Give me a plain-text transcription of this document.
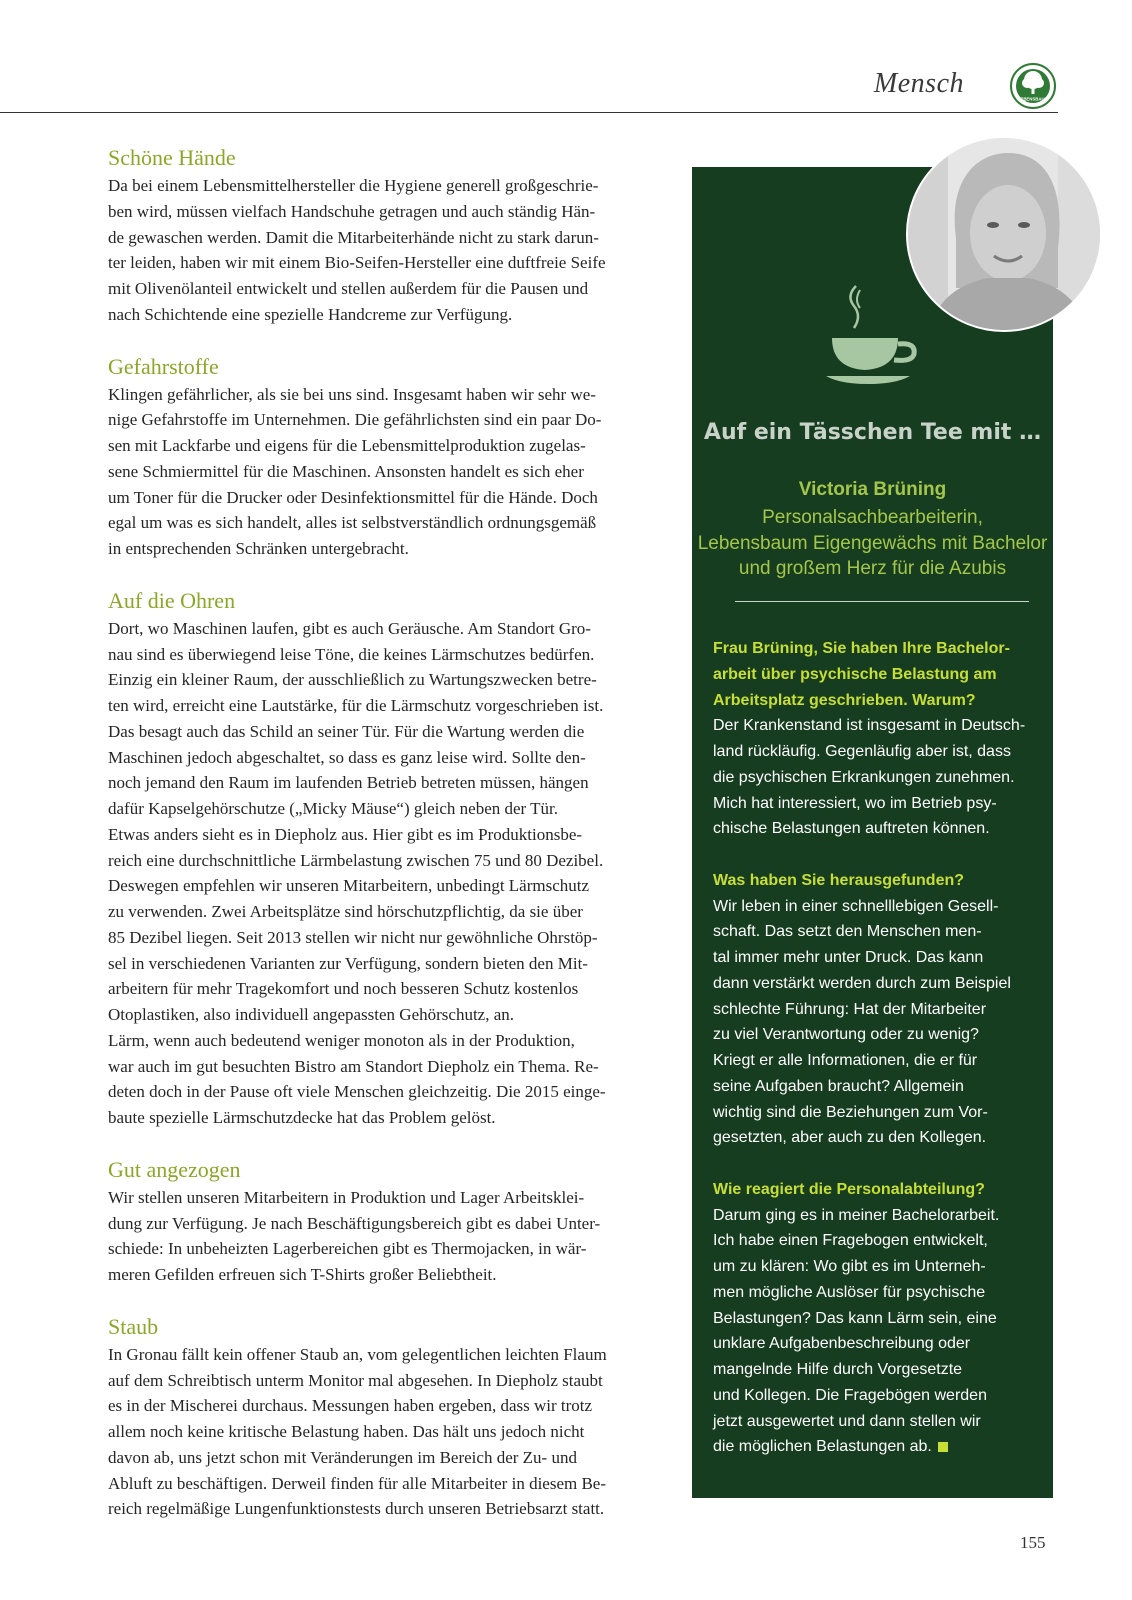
Mensch	LEBENSBAUM
Schöne Hände

Da bei einem Lebensmittelhersteller die Hygiene generell großgeschrie-
ben wird, müssen vielfach Handschuhe getragen und auch ständig Hän-
de gewaschen werden. Damit die Mitarbeiterhände nicht zu stark darun-
ter leiden, haben wir mit einem Bio-Seifen-Hersteller eine duftfreie Seife
mit Olivenölanteil entwickelt und stellen außerdem für die Pausen und
nach Schichtende eine spezielle Handcreme zur Verfügung.

Gefahrstoffe

Klingen gefährlicher, als sie bei uns sind. Insgesamt haben wir sehr we-
nige Gefahrstoffe im Unternehmen. Die gefährlichsten sind ein paar Do-
sen mit Lackfarbe und eigens für die Lebensmittelproduktion zugelas-
sene Schmiermittel für die Maschinen. Ansonsten handelt es sich eher
um Toner für die Drucker oder Desinfektionsmittel für die Hände. Doch
egal um was es sich handelt, alles ist selbstverständlich ordnungsgemäß
in entsprechenden Schränken untergebracht.

Auf die Ohren

Dort, wo Maschinen laufen, gibt es auch Geräusche. Am Standort Gro-
nau sind es überwiegend leise Töne, die keines Lärmschutzes bedürfen.
Einzig ein kleiner Raum, der ausschließlich zu Wartungszwecken betre-
ten wird, erreicht eine Lautstärke, für die Lärmschutz vorgeschrieben ist.
Das besagt auch das Schild an seiner Tür. Für die Wartung werden die
Maschinen jedoch abgeschaltet, so dass es ganz leise wird. Sollte den-
noch jemand den Raum im laufenden Betrieb betreten müssen, hängen
dafür Kapselgehörschutze („Micky Mäuse“) gleich neben der Tür.
Etwas anders sieht es in Diepholz aus. Hier gibt es im Produktionsbe-
reich eine durchschnittliche Lärmbelastung zwischen 75 und 80 Dezibel.
Deswegen empfehlen wir unseren Mitarbeitern, unbedingt Lärmschutz
zu verwenden. Zwei Arbeitsplätze sind hörschutzpflichtig, da sie über
85 Dezibel liegen. Seit 2013 stellen wir nicht nur gewöhnliche Ohrstöp-
sel in verschiedenen Varianten zur Verfügung, sondern bieten den Mit-
arbeitern für mehr Tragekomfort und noch besseren Schutz kostenlos
Otoplastiken, also individuell angepassten Gehörschutz, an.
Lärm, wenn auch bedeutend weniger monoton als in der Produktion,
war auch im gut besuchten Bistro am Standort Diepholz ein Thema. Re-
deten doch in der Pause oft viele Menschen gleichzeitig. Die 2015 einge-
baute spezielle Lärmschutzdecke hat das Problem gelöst.

Gut angezogen

Wir stellen unseren Mitarbeitern in Produktion und Lager Arbeitsklei-
dung zur Verfügung. Je nach Beschäftigungsbereich gibt es dabei Unter-
schiede: In unbeheizten Lagerbereichen gibt es Thermojacken, in wär-
meren Gefilden erfreuen sich T-Shirts großer Beliebtheit.

Staub

In Gronau fällt kein offener Staub an, vom gelegentlichen leichten Flaum
auf dem Schreibtisch unterm Monitor mal abgesehen. In Diepholz staubt
es in der Mischerei durchaus. Messungen haben ergeben, dass wir trotz
allem noch keine kritische Belastung haben. Das hält uns jedoch nicht
davon ab, uns jetzt schon mit Veränderungen im Bereich der Zu- und
Abluft zu beschäftigen. Derweil finden für alle Mitarbeiter in diesem Be-
reich regelmäßige Lungenfunktionstests durch unseren Betriebsarzt statt.

Auf ein Tässchen Tee mit …
Victoria Brüning
Personalsachbearbeiterin,
Lebensbaum Eigengewächs mit Bachelor
und großem Herz für die Azubis
Frau Brüning, Sie haben Ihre Bachelor-
arbeit über psychische Belastung am
Arbeitsplatz geschrieben. Warum?
Der Krankenstand ist insgesamt in Deutsch-
land rückläufig. Gegenläufig aber ist, dass
die psychischen Erkrankungen zunehmen.
Mich hat interessiert, wo im Betrieb psy-
chische Belastungen auftreten können.
Was haben Sie herausgefunden?
Wir leben in einer schnelllebigen Gesell-
schaft. Das setzt den Menschen men-
tal immer mehr unter Druck. Das kann
dann verstärkt werden durch zum Beispiel
schlechte Führung: Hat der Mitarbeiter
zu viel Verantwortung oder zu wenig?
Kriegt er alle Informationen, die er für
seine Aufgaben braucht? Allgemein
wichtig sind die Beziehungen zum Vor-
gesetzten, aber auch zu den Kollegen.
Wie reagiert die Personalabteilung?
Darum ging es in meiner Bachelorarbeit.
Ich habe einen Fragebogen entwickelt,
um zu klären: Wo gibt es im Unterneh-
men mögliche Auslöser für psychische
Belastungen? Das kann Lärm sein, eine
unklare Aufgabenbeschreibung oder
mangelnde Hilfe durch Vorgesetzte
und Kollegen. Die Fragebögen werden
jetzt ausgewertet und dann stellen wir
die möglichen Belastungen ab.
155
